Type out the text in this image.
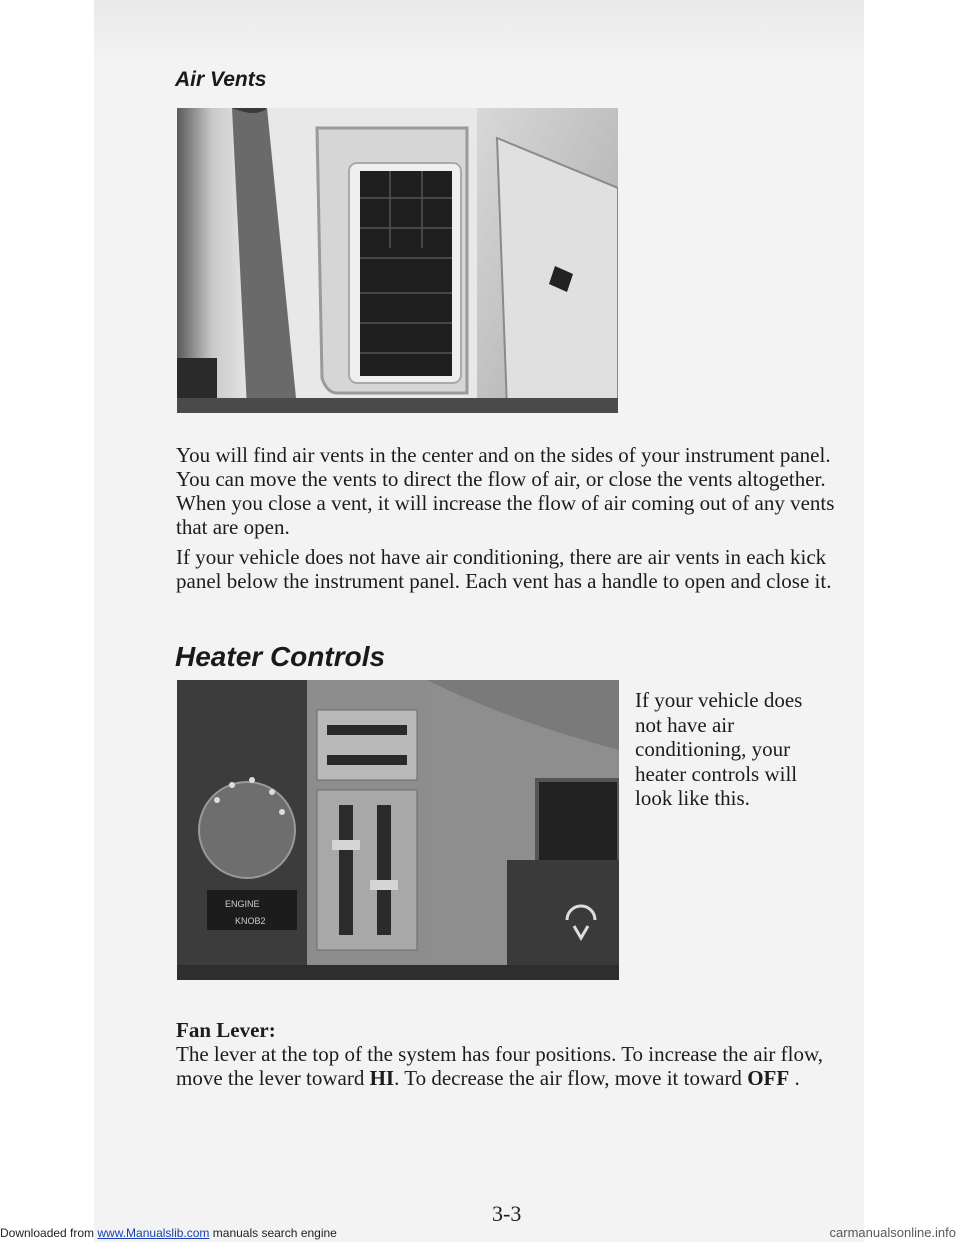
Air Vents

You will find air vents in the center and on the sides of your instrument panel. You can move the vents to direct the flow of air, or close the vents altogether. When you close a vent, it will increase the flow of air coming out of any vents that are open.

If your vehicle does not have air conditioning, there are air vents in each kick panel below the instrument panel. Each vent has a handle to open and close it.

Heater Controls
ENGINE
KNOB2

If your vehicle does not have air conditioning, your heater controls will look like this.

Fan Lever:

The lever at the top of the system has four positions. To increase the air flow, move the lever toward HI. To decrease the air flow, move it toward OFF .

3-3
Downloaded from www.Manualslib.com manuals search engine	carmanualsonline.info
